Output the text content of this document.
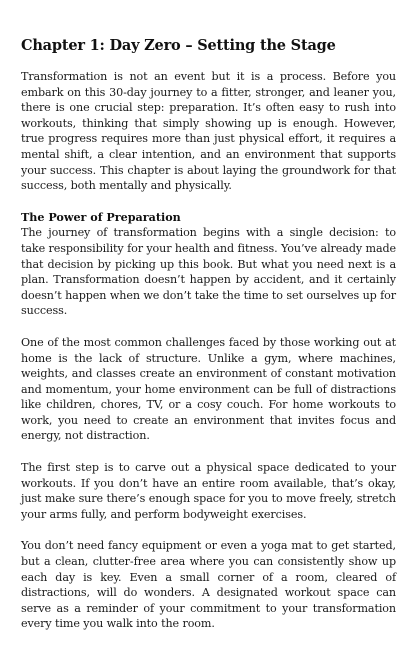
Chapter 1: Day Zero – Setting the Stage

Transformation is not an event but it is a process. Before you embark on this 30-day journey to a fitter, stronger, and leaner you, there is one crucial step: preparation. It’s often easy to rush into workouts, thinking that simply showing up is enough. However, true progress requires more than just physical effort, it requires a mental shift, a clear intention, and an environment that supports your success. This chapter is about laying the groundwork for that success, both mentally and physically.

The Power of Preparation

The journey of transformation begins with a single decision: to take responsibility for your health and fitness. You’ve already made that decision by picking up this book. But what you need next is a plan. Transformation doesn’t happen by accident, and it certainly doesn’t happen when we don’t take the time to set ourselves up for success.

One of the most common challenges faced by those working out at home is the lack of structure. Unlike a gym, where machines, weights, and classes create an environment of constant motivation and momentum, your home environment can be full of distractions like children, chores, TV, or a cosy couch. For home workouts to work, you need to create an environment that invites focus and energy, not distraction.

The first step is to carve out a physical space dedicated to your workouts. If you don’t have an entire room available, that’s okay, just make sure there’s enough space for you to move freely, stretch your arms fully, and perform bodyweight exercises.

You don’t need fancy equipment or even a yoga mat to get started, but a clean, clutter-free area where you can consistently show up each day is key. Even a small corner of a room, cleared of distractions, will do wonders. A designated workout space can serve as a reminder of your commitment to your transformation every time you walk into the room.
